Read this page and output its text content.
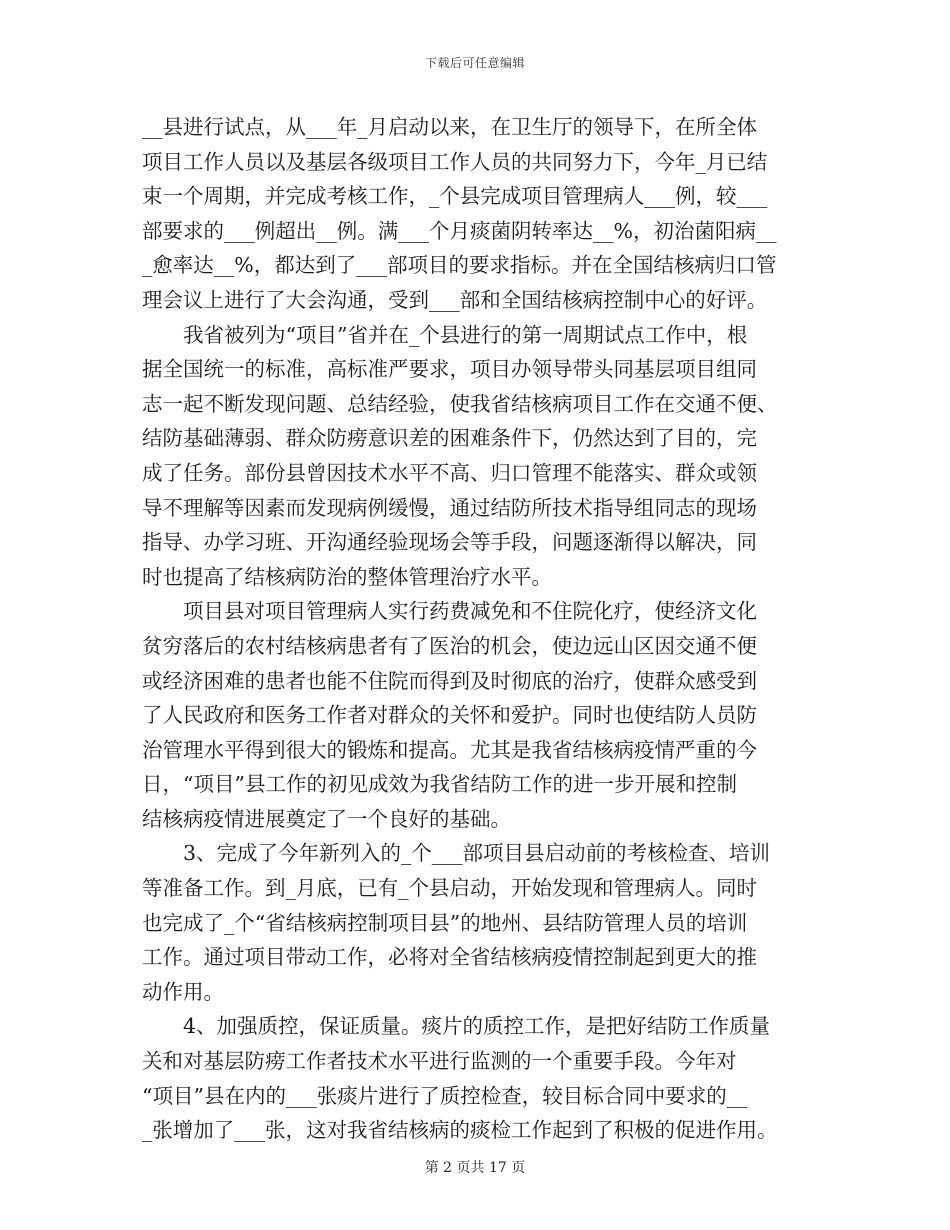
下载后可任意编辑
__县进行试点，从___年_月启动以来，在卫生厅的领导下，在所全体
项目工作人员以及基层各级项目工作人员的共同努力下，今年_月已结
束一个周期，并完成考核工作，_个县完成项目管理病人___例，较___
部要求的___例超出__例。满___个月痰菌阴转率达__%，初治菌阳病__
_愈率达__%，都达到了___部项目的要求指标。并在全国结核病归口管
理会议上进行了大会沟通，受到___部和全国结核病控制中心的好评。
我省被列为“项目”省并在_个县进行的第一周期试点工作中，根
据全国统一的标准，高标准严要求，项目办领导带头同基层项目组同
志一起不断发现问题、总结经验，使我省结核病项目工作在交通不便、
结防基础薄弱、群众防痨意识差的困难条件下，仍然达到了目的，完
成了任务。部份县曾因技术水平不高、归口管理不能落实、群众或领
导不理解等因素而发现病例缓慢，通过结防所技术指导组同志的现场
指导、办学习班、开沟通经验现场会等手段，问题逐渐得以解决，同
时也提高了结核病防治的整体管理治疗水平。
项目县对项目管理病人实行药费减免和不住院化疗，使经济文化
贫穷落后的农村结核病患者有了医治的机会，使边远山区因交通不便
或经济困难的患者也能不住院而得到及时彻底的治疗，使群众感受到
了人民政府和医务工作者对群众的关怀和爱护。同时也使结防人员防
治管理水平得到很大的锻炼和提高。尤其是我省结核病疫情严重的今
日，“项目”县工作的初见成效为我省结防工作的进一步开展和控制
结核病疫情进展奠定了一个良好的基础。
3、完成了今年新列入的_个___部项目县启动前的考核检查、培训
等准备工作。到_月底，已有_个县启动，开始发现和管理病人。同时
也完成了_个“省结核病控制项目县”的地州、县结防管理人员的培训
工作。通过项目带动工作，必将对全省结核病疫情控制起到更大的推
动作用。
4、加强质控，保证质量。痰片的质控工作，是把好结防工作质量
关和对基层防痨工作者技术水平进行监测的一个重要手段。今年对
“项目”县在内的___张痰片进行了质控检查，较目标合同中要求的__
_张增加了___张，这对我省结核病的痰检工作起到了积极的促进作用。
第 2 页共 17 页
